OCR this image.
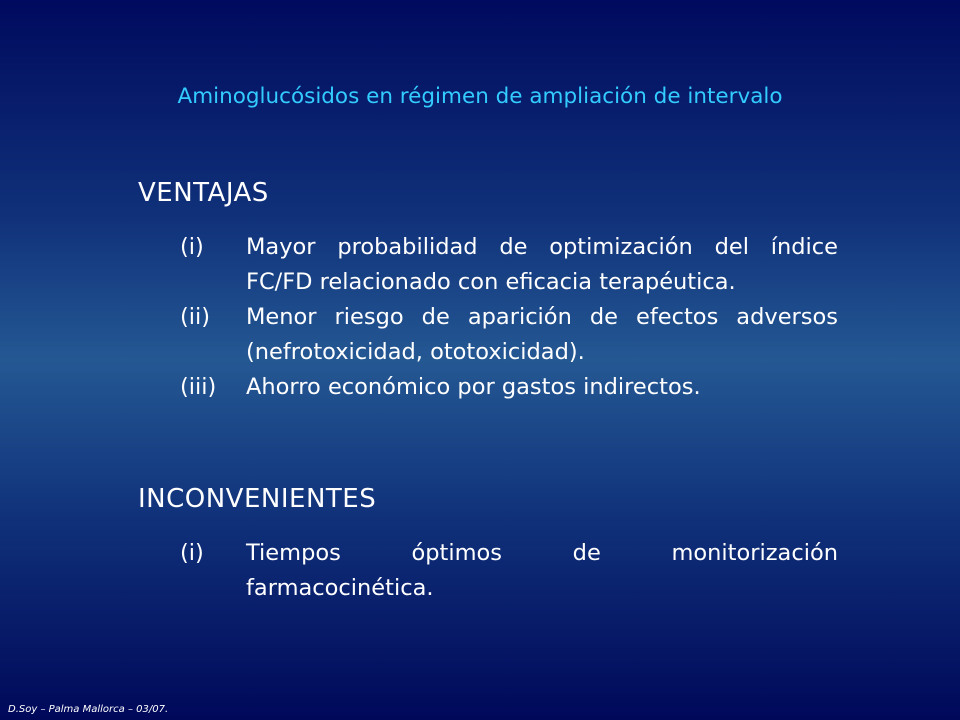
Aminoglucósidos en régimen de ampliación de intervalo
VENTAJAS
(i) Mayor probabilidad de optimización del índice FC/FD relacionado con eficacia terapéutica.
(ii) Menor riesgo de aparición de efectos adversos (nefrotoxicidad, ototoxicidad).
(iii) Ahorro económico por gastos indirectos.
INCONVENIENTES
(i) Tiempos óptimos de monitorización farmacocinética.
D.Soy – Palma Mallorca – 03/07.
